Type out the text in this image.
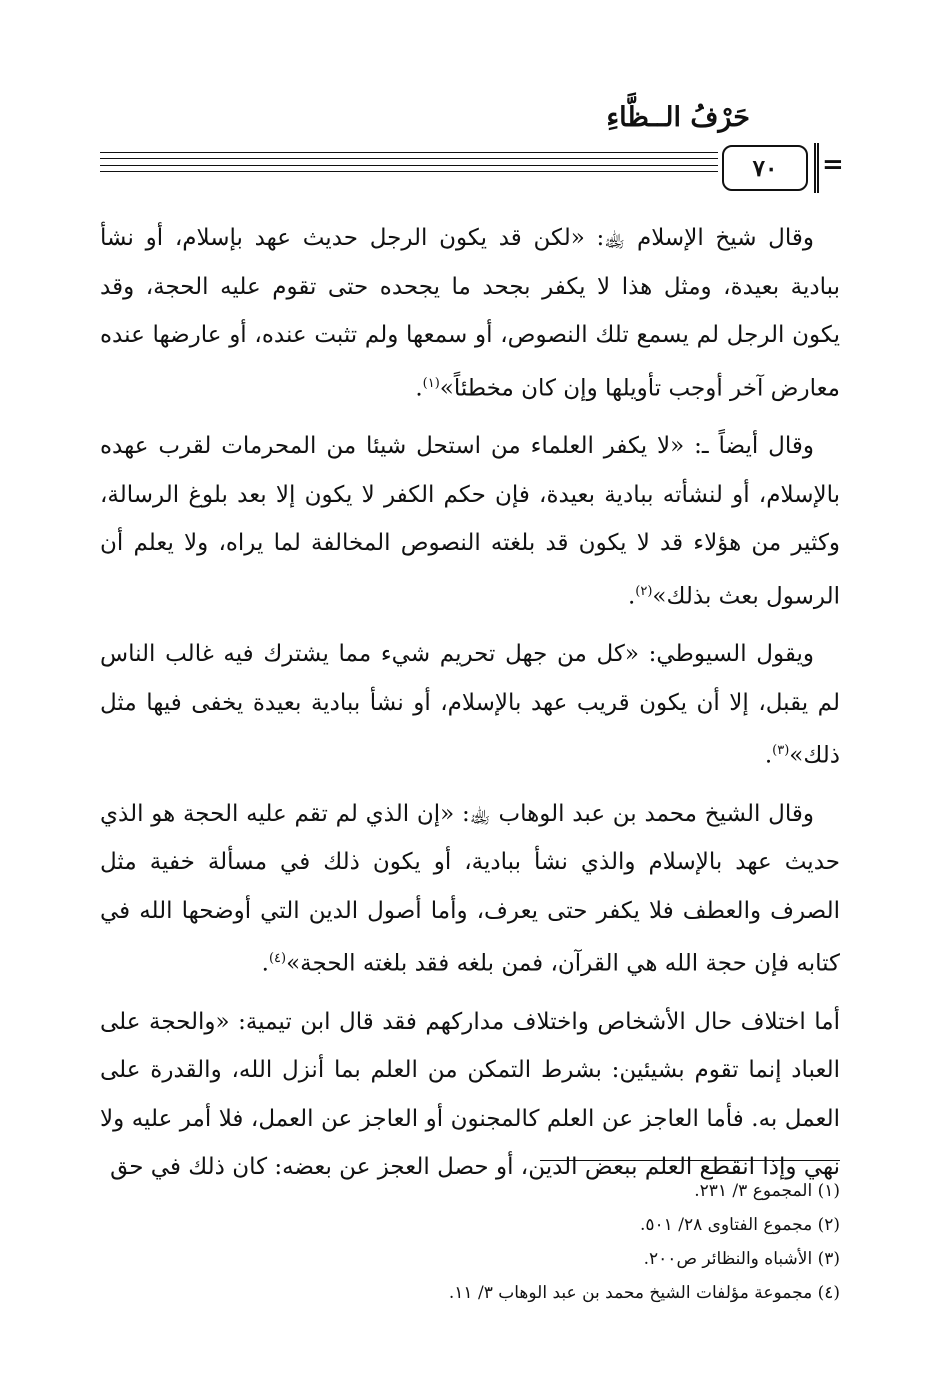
حَرْفُ الــظَّاءِ
٧٠	=

وقال شيخ الإسلام ﵀: «لكن قد يكون الرجل حديث عهد بإسلام، أو نشأ ببادية بعيدة، ومثل هذا لا يكفر بجحد ما يجحده حتى تقوم عليه الحجة، وقد يكون الرجل لم يسمع تلك النصوص، أو سمعها ولم تثبت عنده، أو عارضها عنده معارض آخر أوجب تأويلها وإن كان مخطئاً»$^{(١)}$.

وقال أيضاً ـ: «لا يكفر العلماء من استحل شيئا من المحرمات لقرب عهده بالإسلام، أو لنشأته ببادية بعيدة، فإن حكم الكفر لا يكون إلا بعد بلوغ الرسالة، وكثير من هؤلاء قد لا يكون قد بلغته النصوص المخالفة لما يراه، ولا يعلم أن الرسول بعث بذلك»$^{(٢)}$.

ويقول السيوطي: «كل من جهل تحريم شيء مما يشترك فيه غالب الناس لم يقبل، إلا أن يكون قريب عهد بالإسلام، أو نشأ ببادية بعيدة يخفى فيها مثل ذلك»$^{(٣)}$.

وقال الشيخ محمد بن عبد الوهاب ﵀: «إن الذي لم تقم عليه الحجة هو الذي حديث عهد بالإسلام والذي نشأ ببادية، أو يكون ذلك في مسألة خفية مثل الصرف والعطف فلا يكفر حتى يعرف، وأما أصول الدين التي أوضحها الله في كتابه فإن حجة الله هي القرآن، فمن بلغه فقد بلغته الحجة»$^{(٤)}$.

أما اختلاف حال الأشخاص واختلاف مداركهم فقد قال ابن تيمية: «والحجة على العباد إنما تقوم بشيئين: بشرط التمكن من العلم بما أنزل الله، والقدرة على العمل به. فأما العاجز عن العلم كالمجنون أو العاجز عن العمل، فلا أمر عليه ولا نهي وإذا انقطع العلم ببعض الدين، أو حصل العجز عن بعضه: كان ذلك في حق

(١) المجموع ٣/ ٢٣١.
(٢) مجموع الفتاوى ٢٨/ ٥٠١.
(٣) الأشباه والنظائر ص٢٠٠.
(٤) مجموعة مؤلفات الشيخ محمد بن عبد الوهاب ٣/ ١١.
